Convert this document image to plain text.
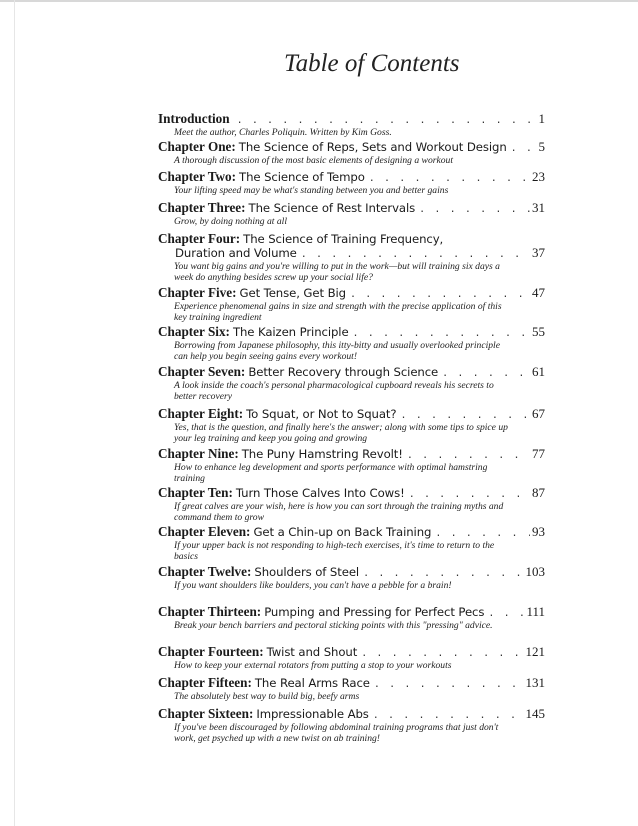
Table of Contents
Introduction . . .	1
Meet the author, Charles Poliquin. Written by Kim Goss.
Chapter One: The Science of Reps, Sets and Workout Design . . . 5
A thorough discussion of the most basic elements of designing a workout
Chapter Two: The Science of Tempo . . .	23
Your lifting speed may be what's standing between you and better gains
Chapter Three: The Science of Rest Intervals . . .	31
Grow, by doing nothing at all
Chapter Four: The Science of Training Frequency,
Duration and Volume . . .	37
You want big gains and you're willing to put in the work—but will training six days a week do anything besides screw up your social life?
Chapter Five: Get Tense, Get Big . . .	47
Experience phenomenal gains in size and strength with the precise application of this key training ingredient
Chapter Six: The Kaizen Principle . . .	55
Borrowing from Japanese philosophy, this itty-bitty and usually overlooked principle can help you begin seeing gains every workout!
Chapter Seven: Better Recovery through Science . . .	61
A look inside the coach's personal pharmacological cupboard reveals his secrets to better recovery
Chapter Eight: To Squat, or Not to Squat? . . .	67
Yes, that is the question, and finally here's the answer; along with some tips to spice up your leg training and keep you going and growing
Chapter Nine: The Puny Hamstring Revolt! . . .	77
How to enhance leg development and sports performance with optimal hamstring training
Chapter Ten: Turn Those Calves Into Cows! . . .	87
If great calves are your wish, here is how you can sort through the training myths and command them to grow
Chapter Eleven: Get a Chin-up on Back Training . . .	93
If your upper back is not responding to high-tech exercises, it's time to return to the basics
Chapter Twelve: Shoulders of Steel . . .	103
If you want shoulders like boulders, you can't have a pebble for a brain!
Chapter Thirteen: Pumping and Pressing for Perfect Pecs . . .	111
Break your bench barriers and pectoral sticking points with this "pressing" advice.
Chapter Fourteen: Twist and Shout . . .	121
How to keep your external rotators from putting a stop to your workouts
Chapter Fifteen: The Real Arms Race . . .	131
The absolutely best way to build big, beefy arms
Chapter Sixteen: Impressionable Abs . . .	145
If you've been discouraged by following abdominal training programs that just don't work, get psyched up with a new twist on ab training!
